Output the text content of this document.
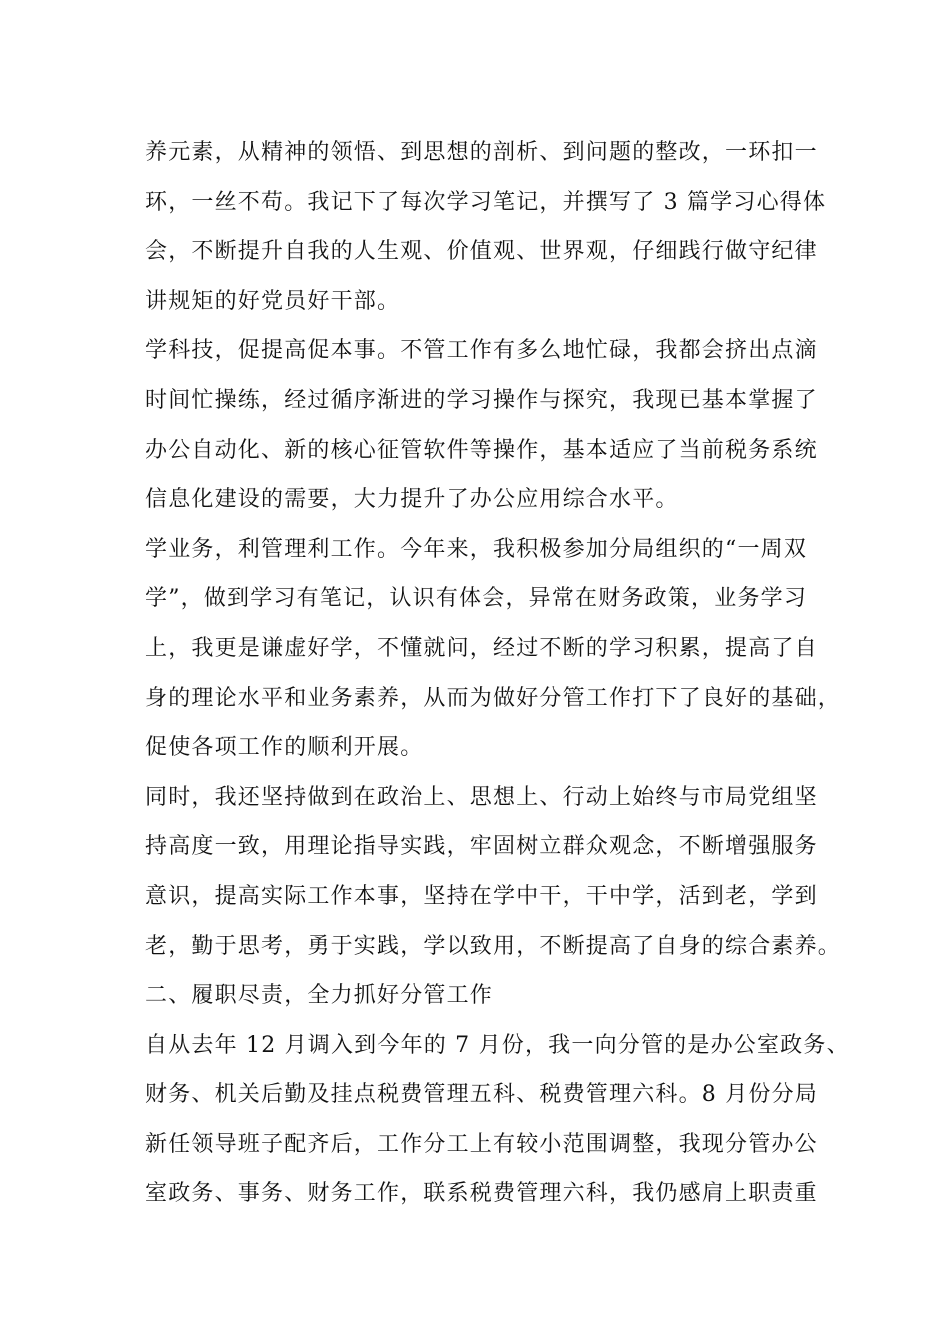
养元素，从精神的领悟、到思想的剖析、到问题的整改，一环扣一
环，一丝不苟。我记下了每次学习笔记，并撰写了 3 篇学习心得体
会，不断提升自我的人生观、价值观、世界观，仔细践行做守纪律
讲规矩的好党员好干部。
学科技，促提高促本事。不管工作有多么地忙碌，我都会挤出点滴
时间忙操练，经过循序渐进的学习操作与探究，我现已基本掌握了
办公自动化、新的核心征管软件等操作，基本适应了当前税务系统
信息化建设的需要，大力提升了办公应用综合水平。
学业务，利管理利工作。今年来，我积极参加分局组织的“一周双
学”，做到学习有笔记，认识有体会，异常在财务政策，业务学习
上，我更是谦虚好学，不懂就问，经过不断的学习积累，提高了自
身的理论水平和业务素养，从而为做好分管工作打下了良好的基础，
促使各项工作的顺利开展。
同时，我还坚持做到在政治上、思想上、行动上始终与市局党组坚
持高度一致，用理论指导实践，牢固树立群众观念，不断增强服务
意识，提高实际工作本事，坚持在学中干，干中学，活到老，学到
老，勤于思考，勇于实践，学以致用，不断提高了自身的综合素养。
二、履职尽责，全力抓好分管工作
自从去年 12 月调入到今年的 7 月份，我一向分管的是办公室政务、
财务、机关后勤及挂点税费管理五科、税费管理六科。8 月份分局
新任领导班子配齐后，工作分工上有较小范围调整，我现分管办公
室政务、事务、财务工作，联系税费管理六科，我仍感肩上职责重
